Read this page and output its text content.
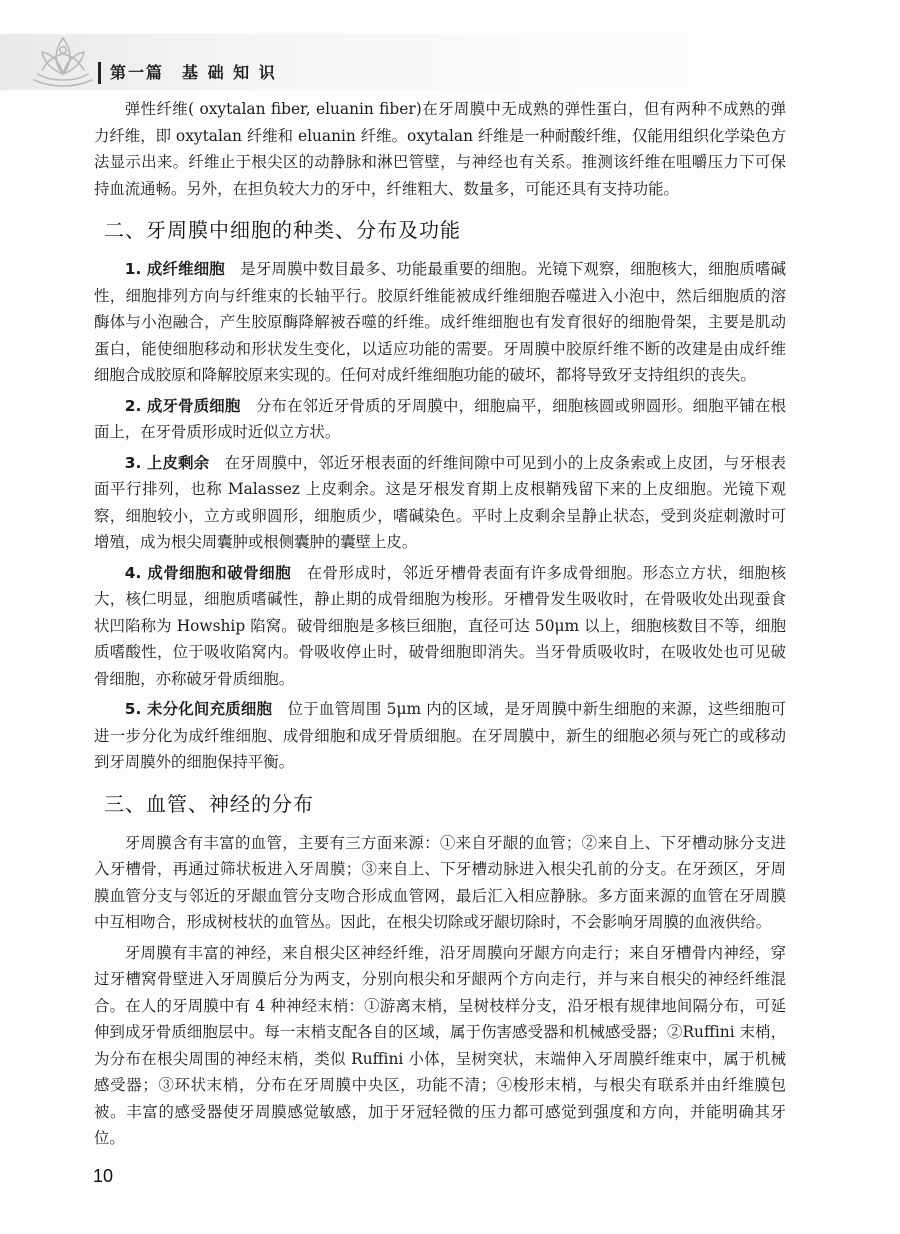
第一篇　基 础 知 识

弹性纤维( oxytalan fiber, eluanin fiber)在牙周膜中无成熟的弹性蛋白，但有两种不成熟的弹力纤维，即 oxytalan 纤维和 eluanin 纤维。oxytalan 纤维是一种耐酸纤维，仅能用组织化学染色方法显示出来。纤维止于根尖区的动静脉和淋巴管壁，与神经也有关系。推测该纤维在咀嚼压力下可保持血流通畅。另外，在担负较大力的牙中，纤维粗大、数量多，可能还具有支持功能。

二、牙周膜中细胞的种类、分布及功能

1. 成纤维细胞 是牙周膜中数目最多、功能最重要的细胞。光镜下观察，细胞核大，细胞质嗜碱性，细胞排列方向与纤维束的长轴平行。胶原纤维能被成纤维细胞吞噬进入小泡中，然后细胞质的溶酶体与小泡融合，产生胶原酶降解被吞噬的纤维。成纤维细胞也有发育很好的细胞骨架，主要是肌动蛋白，能使细胞移动和形状发生变化，以适应功能的需要。牙周膜中胶原纤维不断的改建是由成纤维细胞合成胶原和降解胶原来实现的。任何对成纤维细胞功能的破坏，都将导致牙支持组织的丧失。

2. 成牙骨质细胞 分布在邻近牙骨质的牙周膜中，细胞扁平，细胞核圆或卵圆形。细胞平铺在根面上，在牙骨质形成时近似立方状。

3. 上皮剩余 在牙周膜中，邻近牙根表面的纤维间隙中可见到小的上皮条索或上皮团，与牙根表面平行排列，也称 Malassez 上皮剩余。这是牙根发育期上皮根鞘残留下来的上皮细胞。光镜下观察，细胞较小，立方或卵圆形，细胞质少，嗜碱染色。平时上皮剩余呈静止状态，受到炎症刺激时可增殖，成为根尖周囊肿或根侧囊肿的囊壁上皮。

4. 成骨细胞和破骨细胞 在骨形成时，邻近牙槽骨表面有许多成骨细胞。形态立方状，细胞核大，核仁明显，细胞质嗜碱性，静止期的成骨细胞为梭形。牙槽骨发生吸收时，在骨吸收处出现蚕食状凹陷称为 Howship 陷窝。破骨细胞是多核巨细胞，直径可达 50μm 以上，细胞核数目不等，细胞质嗜酸性，位于吸收陷窝内。骨吸收停止时，破骨细胞即消失。当牙骨质吸收时，在吸收处也可见破骨细胞，亦称破牙骨质细胞。

5. 未分化间充质细胞 位于血管周围 5μm 内的区域，是牙周膜中新生细胞的来源，这些细胞可进一步分化为成纤维细胞、成骨细胞和成牙骨质细胞。在牙周膜中，新生的细胞必须与死亡的或移动到牙周膜外的细胞保持平衡。

三、血管、神经的分布

牙周膜含有丰富的血管，主要有三方面来源：①来自牙龈的血管；②来自上、下牙槽动脉分支进入牙槽骨，再通过筛状板进入牙周膜；③来自上、下牙槽动脉进入根尖孔前的分支。在牙颈区，牙周膜血管分支与邻近的牙龈血管分支吻合形成血管网，最后汇入相应静脉。多方面来源的血管在牙周膜中互相吻合，形成树枝状的血管丛。因此，在根尖切除或牙龈切除时，不会影响牙周膜的血液供给。

牙周膜有丰富的神经，来自根尖区神经纤维，沿牙周膜向牙龈方向走行；来自牙槽骨内神经，穿过牙槽窝骨壁进入牙周膜后分为两支，分别向根尖和牙龈两个方向走行，并与来自根尖的神经纤维混合。在人的牙周膜中有 4 种神经末梢：①游离末梢，呈树枝样分支，沿牙根有规律地间隔分布，可延伸到成牙骨质细胞层中。每一末梢支配各自的区域，属于伤害感受器和机械感受器；②Ruffini 末梢，为分布在根尖周围的神经末梢，类似 Ruffini 小体，呈树突状，末端伸入牙周膜纤维束中，属于机械感受器；③环状末梢，分布在牙周膜中央区，功能不清；④梭形末梢，与根尖有联系并由纤维膜包被。丰富的感受器使牙周膜感觉敏感，加于牙冠轻微的压力都可感觉到强度和方向，并能明确其牙位。

10
